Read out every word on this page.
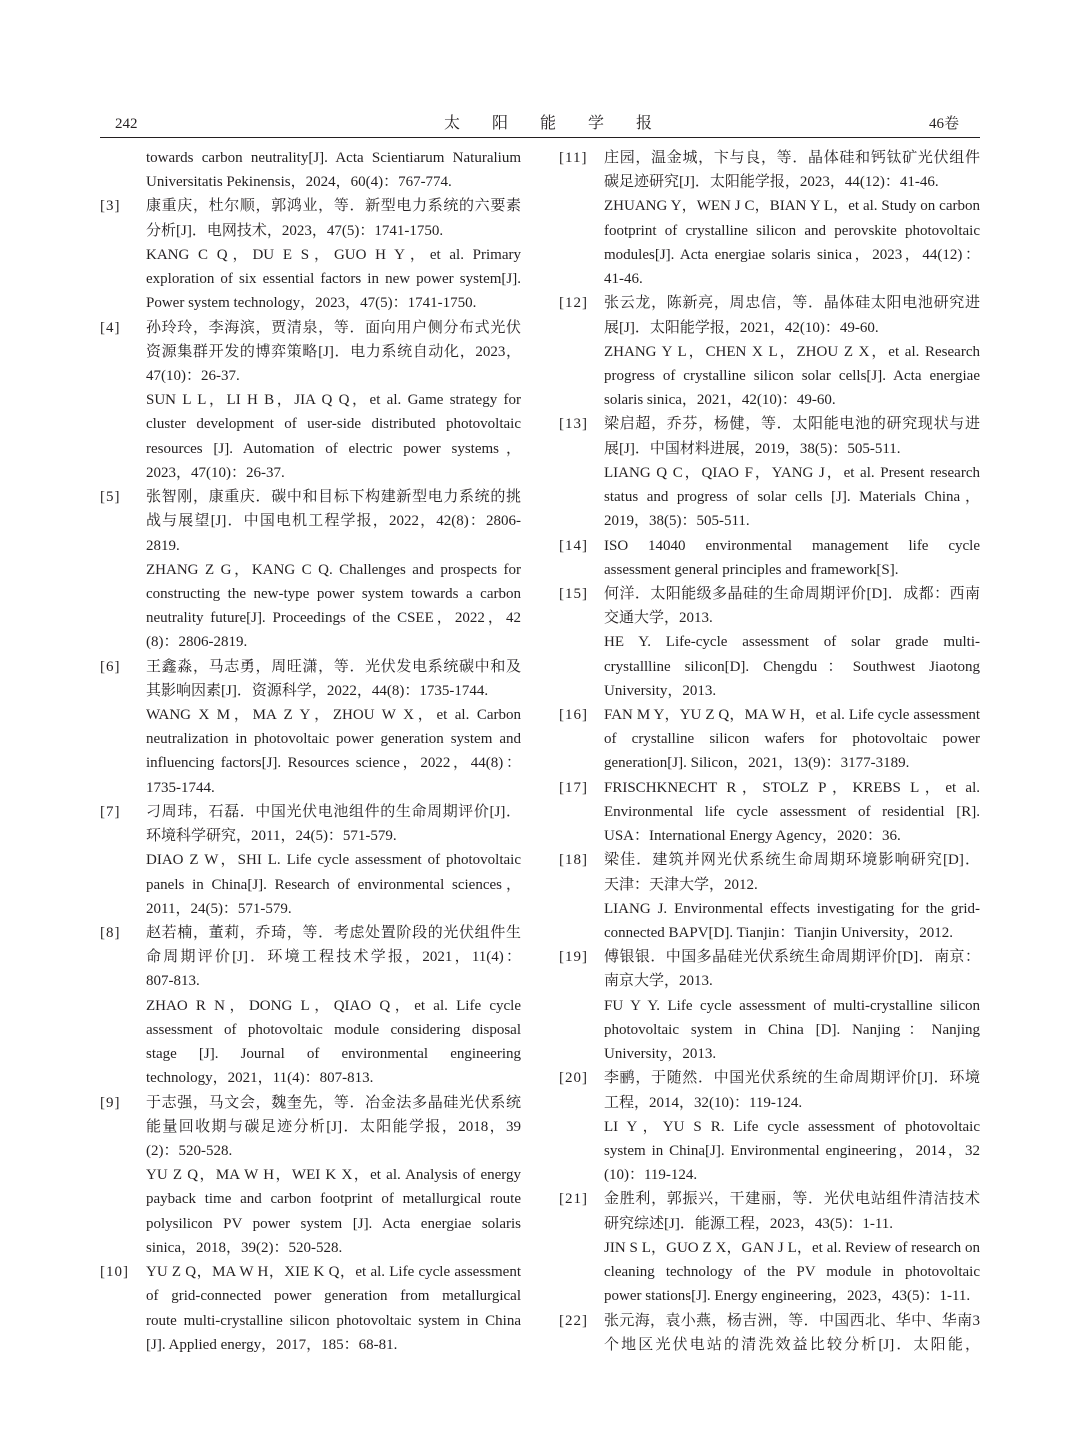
242	太阳能学报	46卷
towards carbon neutrality[J]. Acta Scientiarum Naturalium
Universitatis Pekinensis，2024，60(4)：767-774.
[3]	康重庆，杜尔顺，郭鸿业，等．新型电力系统的六要素
分析[J]．电网技术，2023，47(5)：1741-1750.
KANG C Q，DU E S，GUO H Y，et al. Primary
exploration of six essential factors in new power system[J].
Power system technology，2023，47(5)：1741-1750.
[4]	孙玲玲，李海滨，贾清泉，等．面向用户侧分布式光伏
资源集群开发的博弈策略[J]．电力系统自动化，2023，
47(10)：26-37.
SUN L L，LI H B，JIA Q Q，et al. Game strategy for
cluster development of user-side distributed photovoltaic
resources [J]. Automation of electric power systems，
2023，47(10)：26-37.
[5]	张智刚，康重庆．碳中和目标下构建新型电力系统的挑
战与展望[J]．中国电机工程学报，2022，42(8)：2806-
2819.
ZHANG Z G，KANG C Q. Challenges and prospects for
constructing the new-type power system towards a carbon
neutrality future[J]. Proceedings of the CSEE，2022，42
(8)：2806-2819.
[6]	王鑫淼，马志勇，周旺潇，等．光伏发电系统碳中和及
其影响因素[J]．资源科学，2022，44(8)：1735-1744.
WANG X M，MA Z Y，ZHOU W X，et al. Carbon
neutralization in photovoltaic power generation system and
influencing factors[J]. Resources science，2022，44(8)：
1735-1744.
[7]	刁周玮，石磊．中国光伏电池组件的生命周期评价[J]．
环境科学研究，2011，24(5)：571-579.
DIAO Z W，SHI L. Life cycle assessment of photovoltaic
panels in China[J]. Research of environmental sciences，
2011，24(5)：571-579.
[8]	赵若楠，董莉，乔琦，等．考虑处置阶段的光伏组件生
命周期评价[J]．环境工程技术学报，2021，11(4)：
807-813.
ZHAO R N，DONG L，QIAO Q，et al. Life cycle
assessment of photovoltaic module considering disposal
stage [J]. Journal of environmental engineering
technology，2021，11(4)：807-813.
[9]	于志强，马文会，魏奎先，等．冶金法多晶硅光伏系统
能量回收期与碳足迹分析[J]．太阳能学报，2018，39
(2)：520-528.
YU Z Q，MA W H，WEI K X，et al. Analysis of energy
payback time and carbon footprint of metallurgical route
polysilicon PV power system [J]. Acta energiae solaris
sinica，2018，39(2)：520-528.
[10]	YU Z Q，MA W H，XIE K Q，et al. Life cycle assessment
of grid-connected power generation from metallurgical
route multi-crystalline silicon photovoltaic system in China
[J]. Applied energy，2017，185：68-81.
[11]	庄园，温金城，卞与良，等．晶体硅和钙钛矿光伏组件
碳足迹研究[J]．太阳能学报，2023，44(12)：41-46.
ZHUANG Y，WEN J C，BIAN Y L，et al. Study on carbon
footprint of crystalline silicon and perovskite photovoltaic
modules[J]. Acta energiae solaris sinica，2023，44(12)：
41-46.
[12]	张云龙，陈新亮，周忠信，等．晶体硅太阳电池研究进
展[J]．太阳能学报，2021，42(10)：49-60.
ZHANG Y L，CHEN X L，ZHOU Z X，et al. Research
progress of crystalline silicon solar cells[J]. Acta energiae
solaris sinica，2021，42(10)：49-60.
[13]	梁启超，乔芬，杨健，等．太阳能电池的研究现状与进
展[J]．中国材料进展，2019，38(5)：505-511.
LIANG Q C，QIAO F，YANG J，et al. Present research
status and progress of solar cells [J]. Materials China，
2019，38(5)：505-511.
[14]	ISO 14040 environmental management life cycle
assessment general principles and framework[S].
[15]	何洋．太阳能级多晶硅的生命周期评价[D]．成都：西南
交通大学，2013.
HE Y. Life-cycle assessment of solar grade multi-
crystallline silicon[D]. Chengdu：Southwest Jiaotong
University，2013.
[16]	FAN M Y，YU Z Q，MA W H，et al. Life cycle assessment
of crystalline silicon wafers for photovoltaic power
generation[J]. Silicon，2021，13(9)：3177-3189.
[17]	FRISCHKNECHT R，STOLZ P，KREBS L，et al.
Environmental life cycle assessment of residential [R].
USA：International Energy Agency，2020：36.
[18]	梁佳．建筑并网光伏系统生命周期环境影响研究[D]．
天津：天津大学，2012.
LIANG J. Environmental effects investigating for the grid-
connected BAPV[D]. Tianjin：Tianjin University，2012.
[19]	傅银银．中国多晶硅光伏系统生命周期评价[D]．南京：
南京大学，2013.
FU Y Y. Life cycle assessment of multi-crystalline silicon
photovoltaic system in China [D]. Nanjing：Nanjing
University，2013.
[20]	李鹂，于随然．中国光伏系统的生命周期评价[J]．环境
工程，2014，32(10)：119-124.
LI Y，YU S R. Life cycle assessment of photovoltaic
system in China[J]. Environmental engineering，2014，32
(10)：119-124.
[21]	金胜利，郭振兴，干建丽，等．光伏电站组件清洁技术
研究综述[J]．能源工程，2023，43(5)：1-11.
JIN S L，GUO Z X，GAN J L，et al. Review of research on
cleaning technology of the PV module in photovoltaic
power stations[J]. Energy engineering，2023，43(5)：1-11.
[22]	张元海，袁小燕，杨吉洲，等．中国西北、华中、华南3
个地区光伏电站的清洗效益比较分析[J]．太阳能，
